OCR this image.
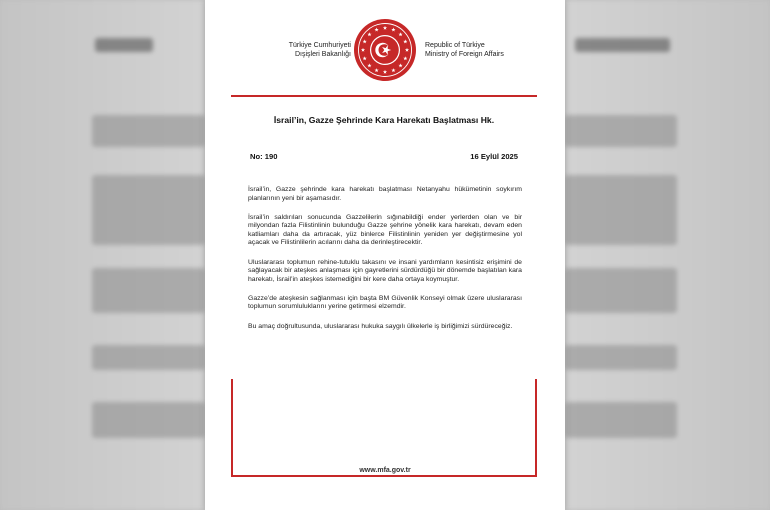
Türkiye Cumhuriyeti
Dışişleri Bakanlığı
Republic of Türkiye
Ministry of Foreign Affairs
İsrail’in, Gazze Şehrinde Kara Harekatı Başlatması Hk.
No: 190	16 Eylül 2025

İsrail’in, Gazze şehrinde kara harekatı başlatması Netanyahu hükümetinin soykırım planlarının yeni bir aşamasıdır.

İsrail’in saldırıları sonucunda Gazzelilerin sığınabildiği ender yerlerden olan ve bir milyondan fazla Filistinlinin bulunduğu Gazze şehrine yönelik kara harekatı, devam eden katliamları daha da artıracak, yüz binlerce Filistinlinin yeniden yer değiştirmesine yol açacak ve Filistinlilerin acılarını daha da derinleştirecektir.

Uluslararası toplumun rehine-tutuklu takasını ve insani yardımların kesintisiz erişimini de sağlayacak bir ateşkes anlaşması için gayretlerini sürdürdüğü bir dönemde başlatılan kara harekatı, İsrail’in ateşkes istemediğini bir kere daha ortaya koymuştur.

Gazze’de ateşkesin sağlanması için başta BM Güvenlik Konseyi olmak üzere uluslararası toplumun sorumluluklarını yerine getirmesi elzemdir.

Bu amaç doğrultusunda, uluslararası hukuka saygılı ülkelerle iş birliğimizi sürdüreceğiz.

www.mfa.gov.tr
